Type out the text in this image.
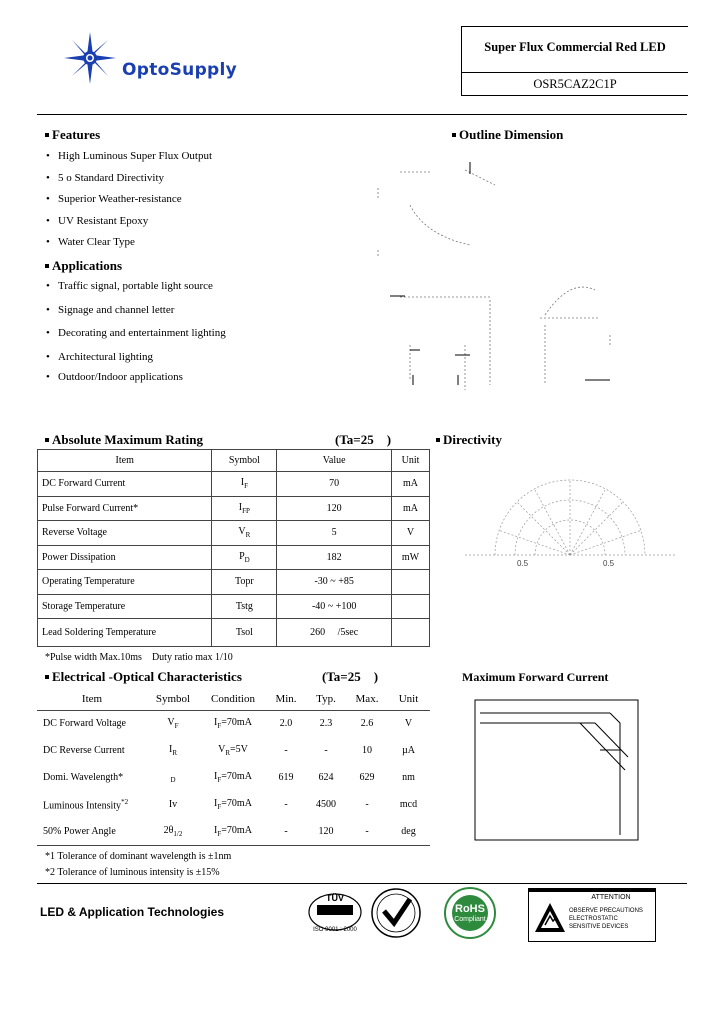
OptoSupply
Super Flux Commercial Red LED
OSR5CAZ2C1P
Features
• High Luminous Super Flux Output
• 5 o Standard Directivity
• Superior Weather-resistance
• UV Resistant Epoxy
• Water Clear Type
Applications
• Traffic signal, portable light source
• Signage and channel letter
• Decorating and entertainment lighting
• Architectural lighting
• Outdoor/Indoor applications
Outline Dimension
Absolute Maximum Rating	(Ta=25    )
Item	Symbol	Value	Unit
DC Forward Current	$I_F$	70	mA
Pulse Forward Current*	$I_{FP}$	120	mA
Reverse Voltage	$V_R$	5	V
Power Dissipation	$P_D$	182	mW
Operating Temperature	Topr	-30 ~ +85	
Storage Temperature	Tstg	-40 ~ +100	
Lead Soldering Temperature	Tsol	260     /5sec	
*Pulse width Max.10ms    Duty ratio max 1/10
Directivity
0.5	0.5
Electrical -Optical Characteristics	(Ta=25    )
Item	Symbol	Condition	Min.	Typ.	Max.	Unit
DC Forward Voltage	$V_F$	$I_F=70mA$	2.0	2.3	2.6	V
DC Reverse Current	$I_R$	$V_R=5V$	-	-	10	µA
Domi. Wavelength*	$_D$	$I_F=70mA$	619	624	629	nm
Luminous Intensity$^{*2}$	Iv	$I_F=70mA$	-	4500	-	mcd
50% Power Angle	$2\theta_{1/2}$	$I_F=70mA$	-	120	-	deg
*1 Tolerance of dominant wavelength is ±1nm
*2 Tolerance of luminous intensity is ±15%
Maximum Forward Current
LED & Application Technologies
TÜV
ISO 9001 : 2000
RoHS
Compliant
ATTENTION
OBSERVE PRECAUTIONS
ELECTROSTATIC
SENSITIVE DEVICES
